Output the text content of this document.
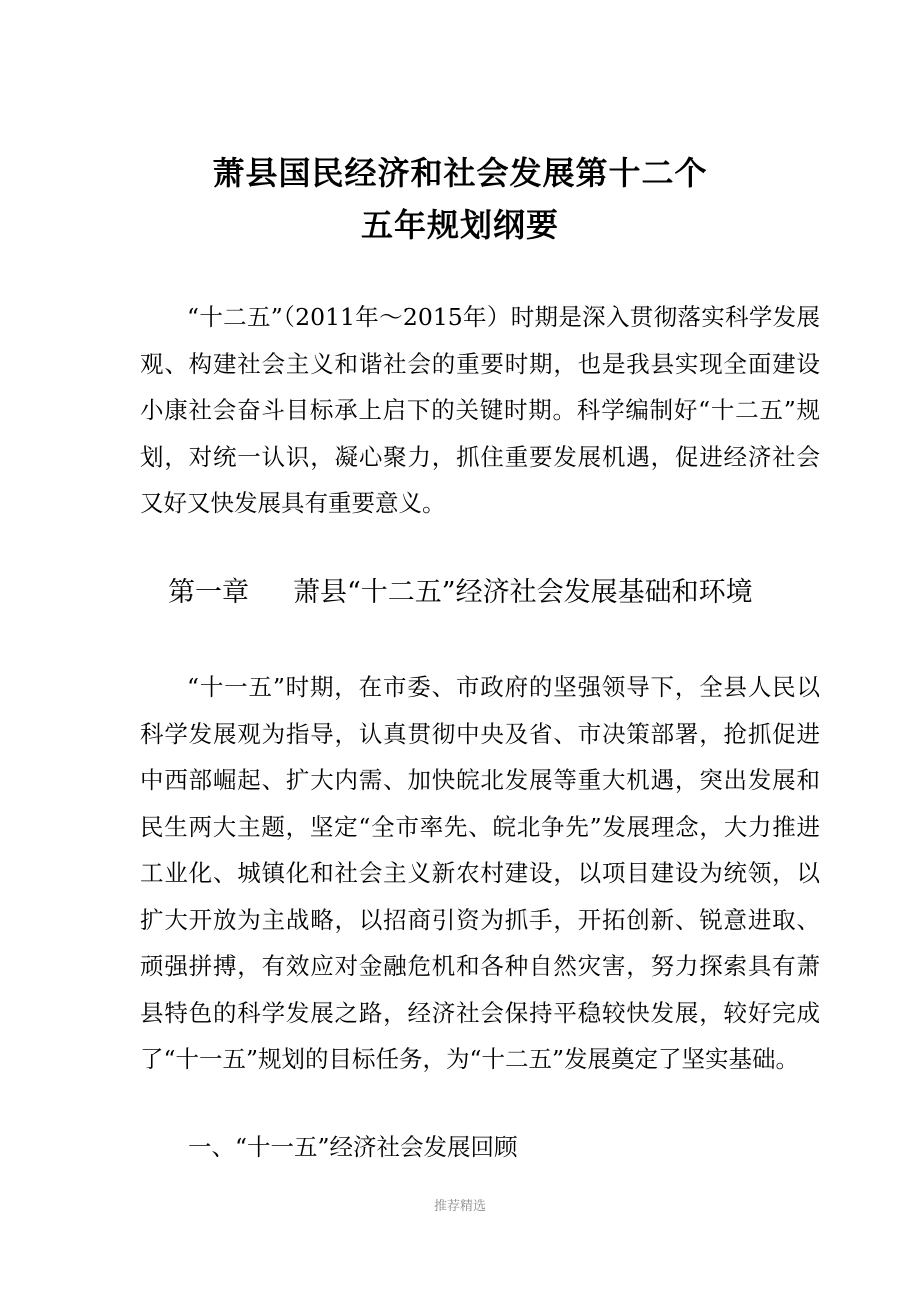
萧县国民经济和社会发展第十二个
五年规划纲要

“十二五”（2011年～2015年）时期是深入贯彻落实科学发展观、构建社会主义和谐社会的重要时期，也是我县实现全面建设小康社会奋斗目标承上启下的关键时期。科学编制好“十二五”规划，对统一认识，凝心聚力，抓住重要发展机遇，促进经济社会又好又快发展具有重要意义。

第一章 萧县“十二五”经济社会发展基础和环境

“十一五”时期，在市委、市政府的坚强领导下，全县人民以科学发展观为指导，认真贯彻中央及省、市决策部署，抢抓促进中西部崛起、扩大内需、加快皖北发展等重大机遇，突出发展和民生两大主题，坚定“全市率先、皖北争先”发展理念，大力推进工业化、城镇化和社会主义新农村建设，以项目建设为统领，以扩大开放为主战略，以招商引资为抓手，开拓创新、锐意进取、顽强拼搏，有效应对金融危机和各种自然灾害，努力探索具有萧县特色的科学发展之路，经济社会保持平稳较快发展，较好完成了“十一五”规划的目标任务，为“十二五”发展奠定了坚实基础。

一、“十一五”经济社会发展回顾
推荐精选
